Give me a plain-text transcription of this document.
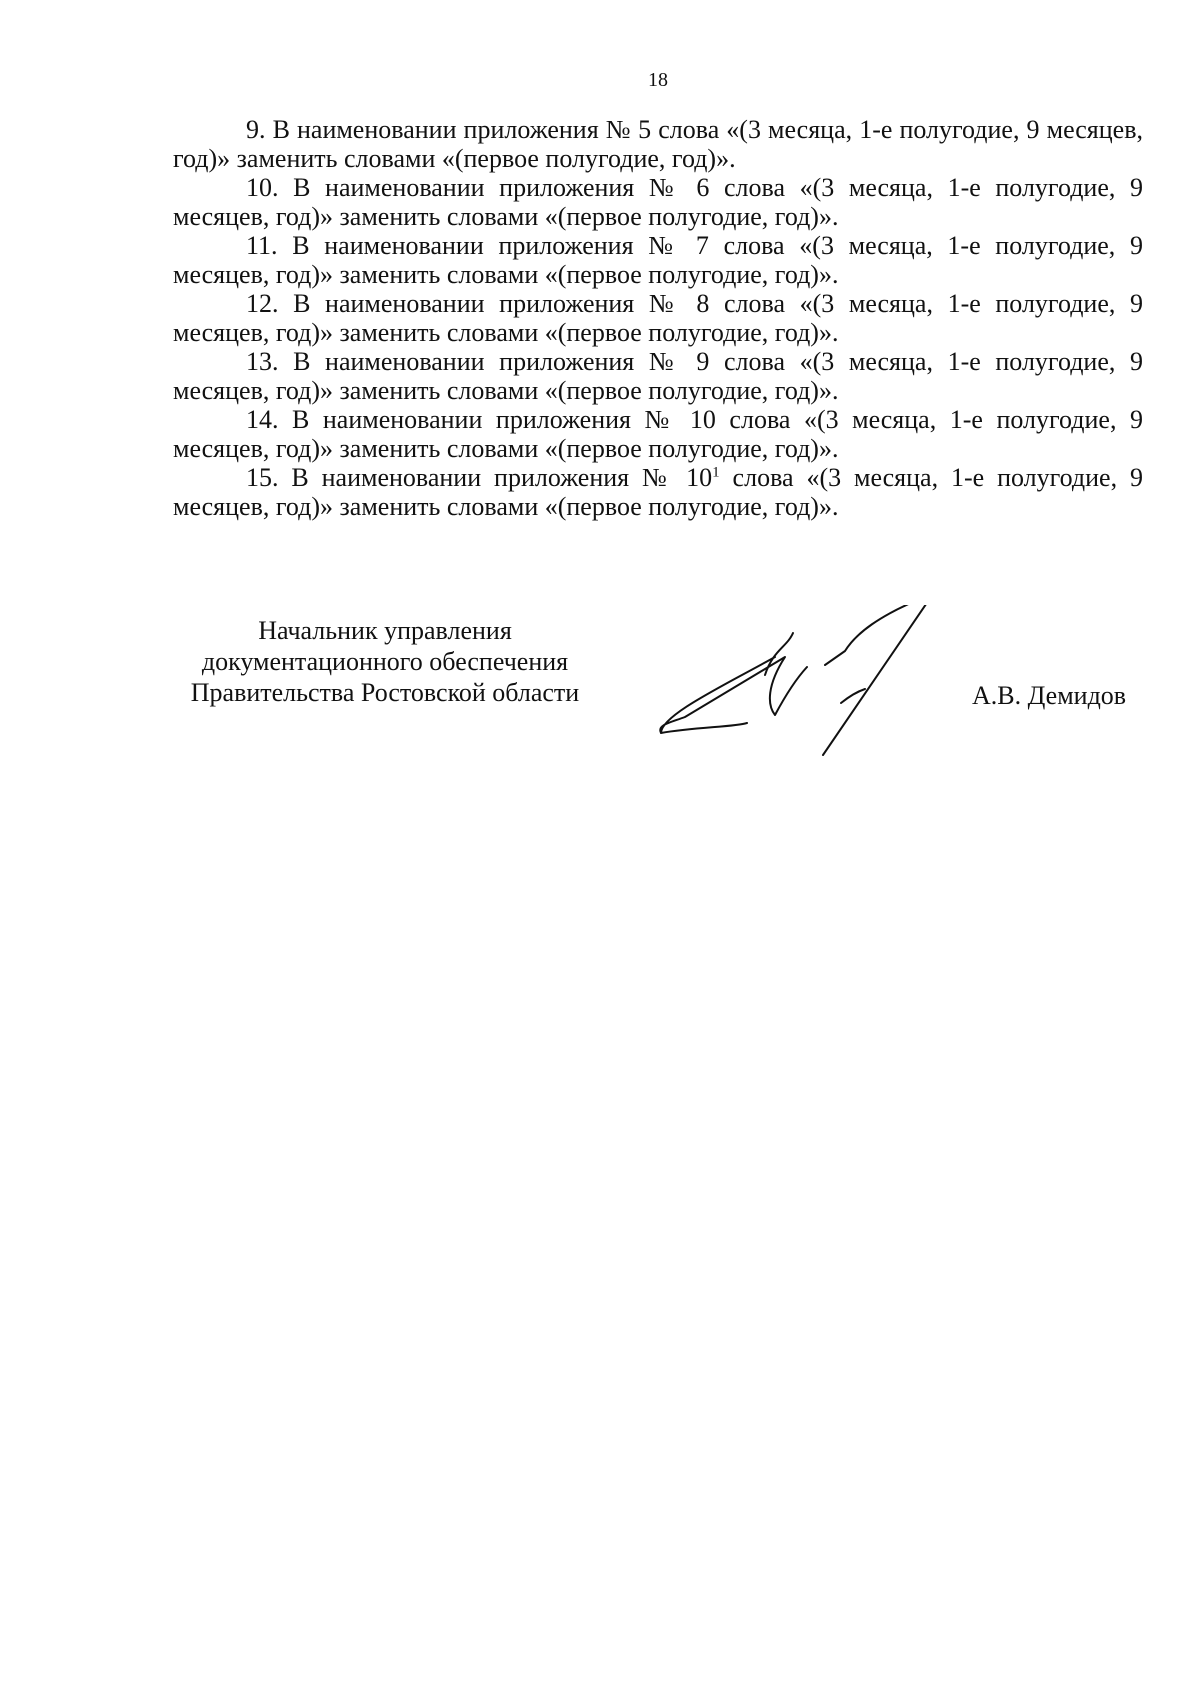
18

9. В наименовании приложения № 5 слова «(3 месяца, 1-е полугодие, 9 месяцев, год)» заменить словами «(первое полугодие, год)».

10. В наименовании приложения № 6 слова «(3 месяца, 1-е полугодие, 9 месяцев, год)» заменить словами «(первое полугодие, год)».

11. В наименовании приложения № 7 слова «(3 месяца, 1-е полугодие, 9 месяцев, год)» заменить словами «(первое полугодие, год)».

12. В наименовании приложения № 8 слова «(3 месяца, 1-е полугодие, 9 месяцев, год)» заменить словами «(первое полугодие, год)».

13. В наименовании приложения № 9 слова «(3 месяца, 1-е полугодие, 9 месяцев, год)» заменить словами «(первое полугодие, год)».

14. В наименовании приложения № 10 слова «(3 месяца, 1-е полугодие, 9 месяцев, год)» заменить словами «(первое полугодие, год)».

15. В наименовании приложения № $10^1$ слова «(3 месяца, 1-е полугодие, 9 месяцев, год)» заменить словами «(первое полугодие, год)».

Начальник управления
документационного обеспечения
Правительства Ростовской области	А.В. Демидов
